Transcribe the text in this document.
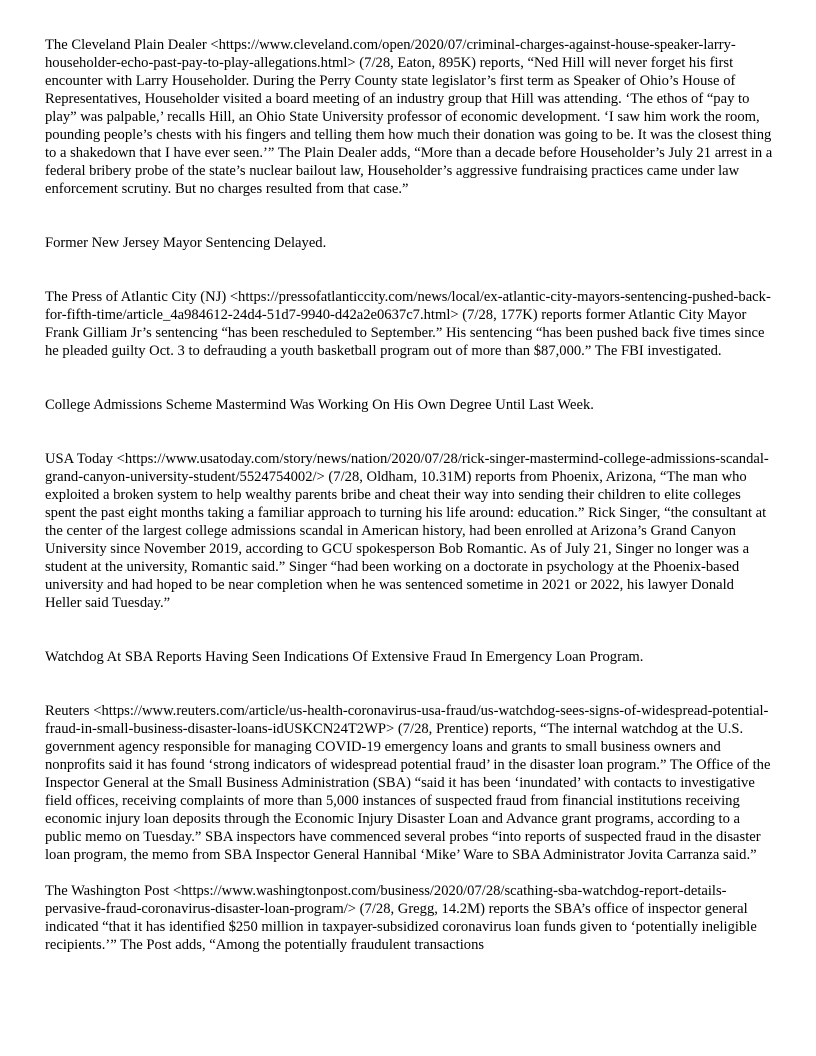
The Cleveland Plain Dealer <https://www.cleveland.com/open/2020/07/criminal-charges-against-house-speaker-larry-householder-echo-past-pay-to-play-allegations.html> (7/28, Eaton, 895K) reports, “Ned Hill will never forget his first encounter with Larry Householder. During the Perry County state legislator’s first term as Speaker of Ohio’s House of Representatives, Householder visited a board meeting of an industry group that Hill was attending. ‘The ethos of “pay to play” was palpable,’ recalls Hill, an Ohio State University professor of economic development. ‘I saw him work the room, pounding people’s chests with his fingers and telling them how much their donation was going to be. It was the closest thing to a shakedown that I have ever seen.’” The Plain Dealer adds, “More than a decade before Householder’s July 21 arrest in a federal bribery probe of the state’s nuclear bailout law, Householder’s aggressive fundraising practices came under law enforcement scrutiny. But no charges resulted from that case.”

Former New Jersey Mayor Sentencing Delayed.

The Press of Atlantic City (NJ) <https://pressofatlanticcity.com/news/local/ex-atlantic-city-mayors-sentencing-pushed-back-for-fifth-time/article_4a984612-24d4-51d7-9940-d42a2e0637c7.html> (7/28, 177K) reports former Atlantic City Mayor Frank Gilliam Jr’s sentencing “has been rescheduled to September.” His sentencing “has been pushed back five times since he pleaded guilty Oct. 3 to defrauding a youth basketball program out of more than $87,000.” The FBI investigated.

College Admissions Scheme Mastermind Was Working On His Own Degree Until Last Week.

USA Today <https://www.usatoday.com/story/news/nation/2020/07/28/rick-singer-mastermind-college-admissions-scandal-grand-canyon-university-student/5524754002/> (7/28, Oldham, 10.31M) reports from Phoenix, Arizona, “The man who exploited a broken system to help wealthy parents bribe and cheat their way into sending their children to elite colleges spent the past eight months taking a familiar approach to turning his life around: education.” Rick Singer, “the consultant at the center of the largest college admissions scandal in American history, had been enrolled at Arizona’s Grand Canyon University since November 2019, according to GCU spokesperson Bob Romantic. As of July 21, Singer no longer was a student at the university, Romantic said.” Singer “had been working on a doctorate in psychology at the Phoenix-based university and had hoped to be near completion when he was sentenced sometime in 2021 or 2022, his lawyer Donald Heller said Tuesday.”

Watchdog At SBA Reports Having Seen Indications Of Extensive Fraud In Emergency Loan Program.

Reuters <https://www.reuters.com/article/us-health-coronavirus-usa-fraud/us-watchdog-sees-signs-of-widespread-potential-fraud-in-small-business-disaster-loans-idUSKCN24T2WP> (7/28, Prentice) reports, “The internal watchdog at the U.S. government agency responsible for managing COVID-19 emergency loans and grants to small business owners and nonprofits said it has found ‘strong indicators of widespread potential fraud’ in the disaster loan program.” The Office of the Inspector General at the Small Business Administration (SBA) “said it has been ‘inundated’ with contacts to investigative field offices, receiving complaints of more than 5,000 instances of suspected fraud from financial institutions receiving economic injury loan deposits through the Economic Injury Disaster Loan and Advance grant programs, according to a public memo on Tuesday.” SBA inspectors have commenced several probes “into reports of suspected fraud in the disaster loan program, the memo from SBA Inspector General Hannibal ‘Mike’ Ware to SBA Administrator Jovita Carranza said.”

The Washington Post <https://www.washingtonpost.com/business/2020/07/28/scathing-sba-watchdog-report-details-pervasive-fraud-coronavirus-disaster-loan-program/> (7/28, Gregg, 14.2M) reports the SBA’s office of inspector general indicated “that it has identified $250 million in taxpayer-subsidized coronavirus loan funds given to ‘potentially ineligible recipients.’” The Post adds, “Among the potentially fraudulent transactions
